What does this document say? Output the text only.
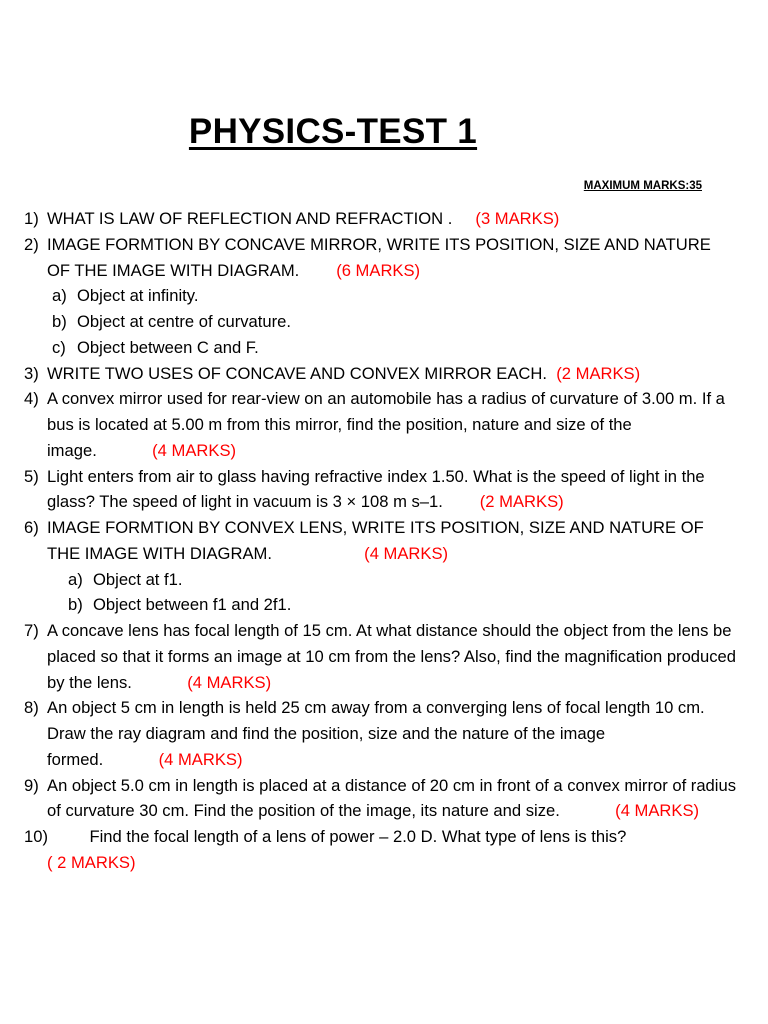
PHYSICS-TEST 1
MAXIMUM MARKS:35
1) WHAT IS LAW OF REFLECTION AND REFRACTION . (3 MARKS)
2) IMAGE FORMTION BY CONCAVE MIRROR, WRITE ITS POSITION, SIZE AND NATURE OF THE IMAGE WITH DIAGRAM. (6 MARKS)
a) Object at infinity.
b) Object at centre of curvature.
c) Object between C and F.
3) WRITE TWO USES OF CONCAVE AND CONVEX MIRROR EACH. (2 MARKS)
4) A convex mirror used for rear-view on an automobile has a radius of curvature of 3.00 m. If a bus is located at 5.00 m from this mirror, find the position, nature and size of the image.	(4 MARKS)
5) Light enters from air to glass having refractive index 1.50. What is the speed of light in the glass? The speed of light in vacuum is 3 × 108 m s–1. (2 MARKS)
6) IMAGE FORMTION BY CONVEX LENS, WRITE ITS POSITION, SIZE AND NATURE OF THE IMAGE WITH DIAGRAM.	(4 MARKS)
a) Object at f1.
b) Object between f1 and 2f1.
7) A concave lens has focal length of 15 cm. At what distance should the object from the lens be placed so that it forms an image at 10 cm from the lens? Also, find the magnification produced by the lens.	(4 MARKS)
8) An object 5 cm in length is held 25 cm away from a converging lens of focal length 10 cm. Draw the ray diagram and find the position, size and the nature of the image formed.	(4 MARKS)
9) An object 5.0 cm in length is placed at a distance of 20 cm in front of a convex mirror of radius of curvature 30 cm. Find the position of the image, its nature and size.	(4 MARKS)
10)	Find the focal length of a lens of power – 2.0 D. What type of lens is this?
( 2 MARKS)
